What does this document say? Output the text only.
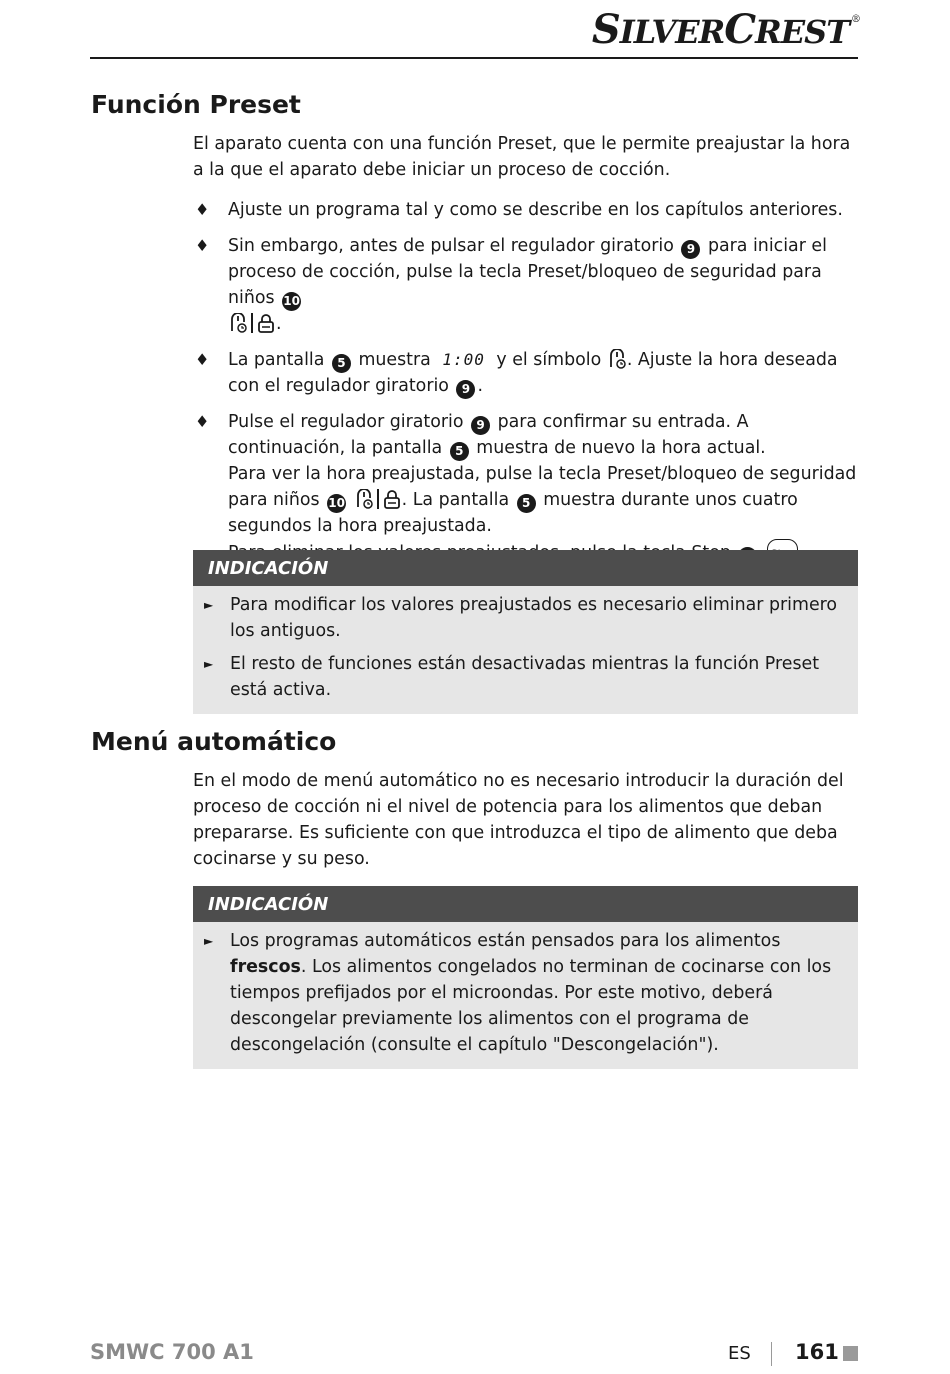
SILVERCREST ®
Función Preset

El aparato cuenta con una función Preset, que le permite preajustar la hora a la que el aparato debe iniciar un proceso de cocción.

♦ Ajuste un programa tal y como se describe en los capítulos anteriores.
♦ Sin embargo, antes de pulsar el regulador giratorio 9 para iniciar el proceso de cocción, pulse la tecla Preset/bloqueo de seguridad para niños 10
.
♦ La pantalla 5 muestra 1:00 y el símbolo . Ajuste la hora deseada con el regulador giratorio 9 .
♦ Pulse el regulador giratorio 9 para confirmar su entrada. A continuación, la pantalla 5 muestra de nuevo la hora actual.
Para ver la hora preajustada, pulse la tecla Preset/bloqueo de seguridad para niños 10	. La pantalla 5 muestra durante unos cuatro segundos la hora preajustada.

INDICACIÓN
► Para modificar los valores preajustados es necesario eliminar primero los antiguos.
► El resto de funciones están desactivadas mientras la función Preset está activa.
Menú automático

En el modo de menú automático no es necesario introducir la duración del proceso de cocción ni el nivel de potencia para los alimentos que deban prepararse. Es suficiente con que introduzca el tipo de alimento que deba cocinarse y su peso.

INDICACIÓN
► Los programas automáticos están pensados para los alimentos frescos. Los alimentos congelados no terminan de cocinarse con los tiempos prefijados por el microondas. Por este motivo, deberá descongelar previamente los alimentos con el programa de descongelación (consulte el capítulo "Descongelación").
SMWC 700 A1	ES 161
